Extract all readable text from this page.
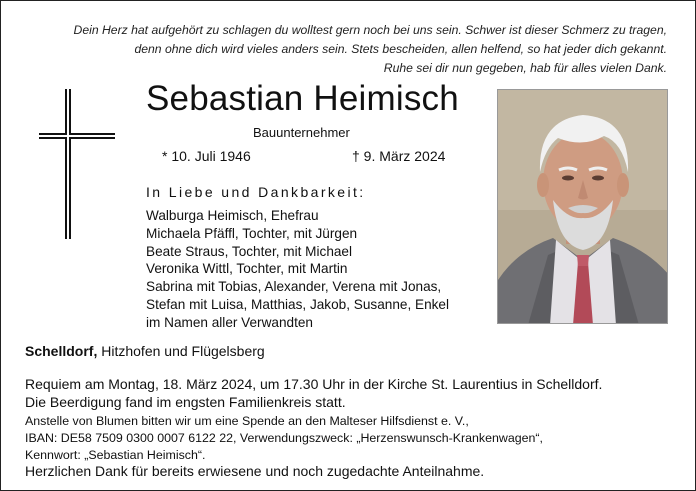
Dein Herz hat aufgehört zu schlagen du wolltest gern noch bei uns sein. Schwer ist dieser Schmerz zu tragen,
denn ohne dich wird vieles anders sein. Stets bescheiden, allen helfend, so hat jeder dich gekannt.
Ruhe sei dir nun gegeben, hab für alles vielen Dank.
Sebastian Heimisch
Bauunternehmer
* 10. Juli 1946	† 9. März 2024
In Liebe und Dankbarkeit:
Walburga Heimisch, Ehefrau
Michaela Pfäffl, Tochter, mit Jürgen
Beate Straus, Tochter, mit Michael
Veronika Wittl, Tochter, mit Martin
Sabrina mit Tobias, Alexander, Verena mit Jonas,
Stefan mit Luisa, Matthias, Jakob, Susanne, Enkel
im Namen aller Verwandten
Schelldorf, Hitzhofen und Flügelsberg
Requiem am Montag, 18. März 2024, um 17.30 Uhr in der Kirche St. Laurentius in Schelldorf.
Die Beerdigung fand im engsten Familienkreis statt.
Anstelle von Blumen bitten wir um eine Spende an den Malteser Hilfsdienst e. V.,
IBAN: DE58 7509 0300 0007 6122 22, Verwendungszweck: „Herzenswunsch-Krankenwagen“,
Kennwort: „Sebastian Heimisch“.
Herzlichen Dank für bereits erwiesene und noch zugedachte Anteilnahme.
